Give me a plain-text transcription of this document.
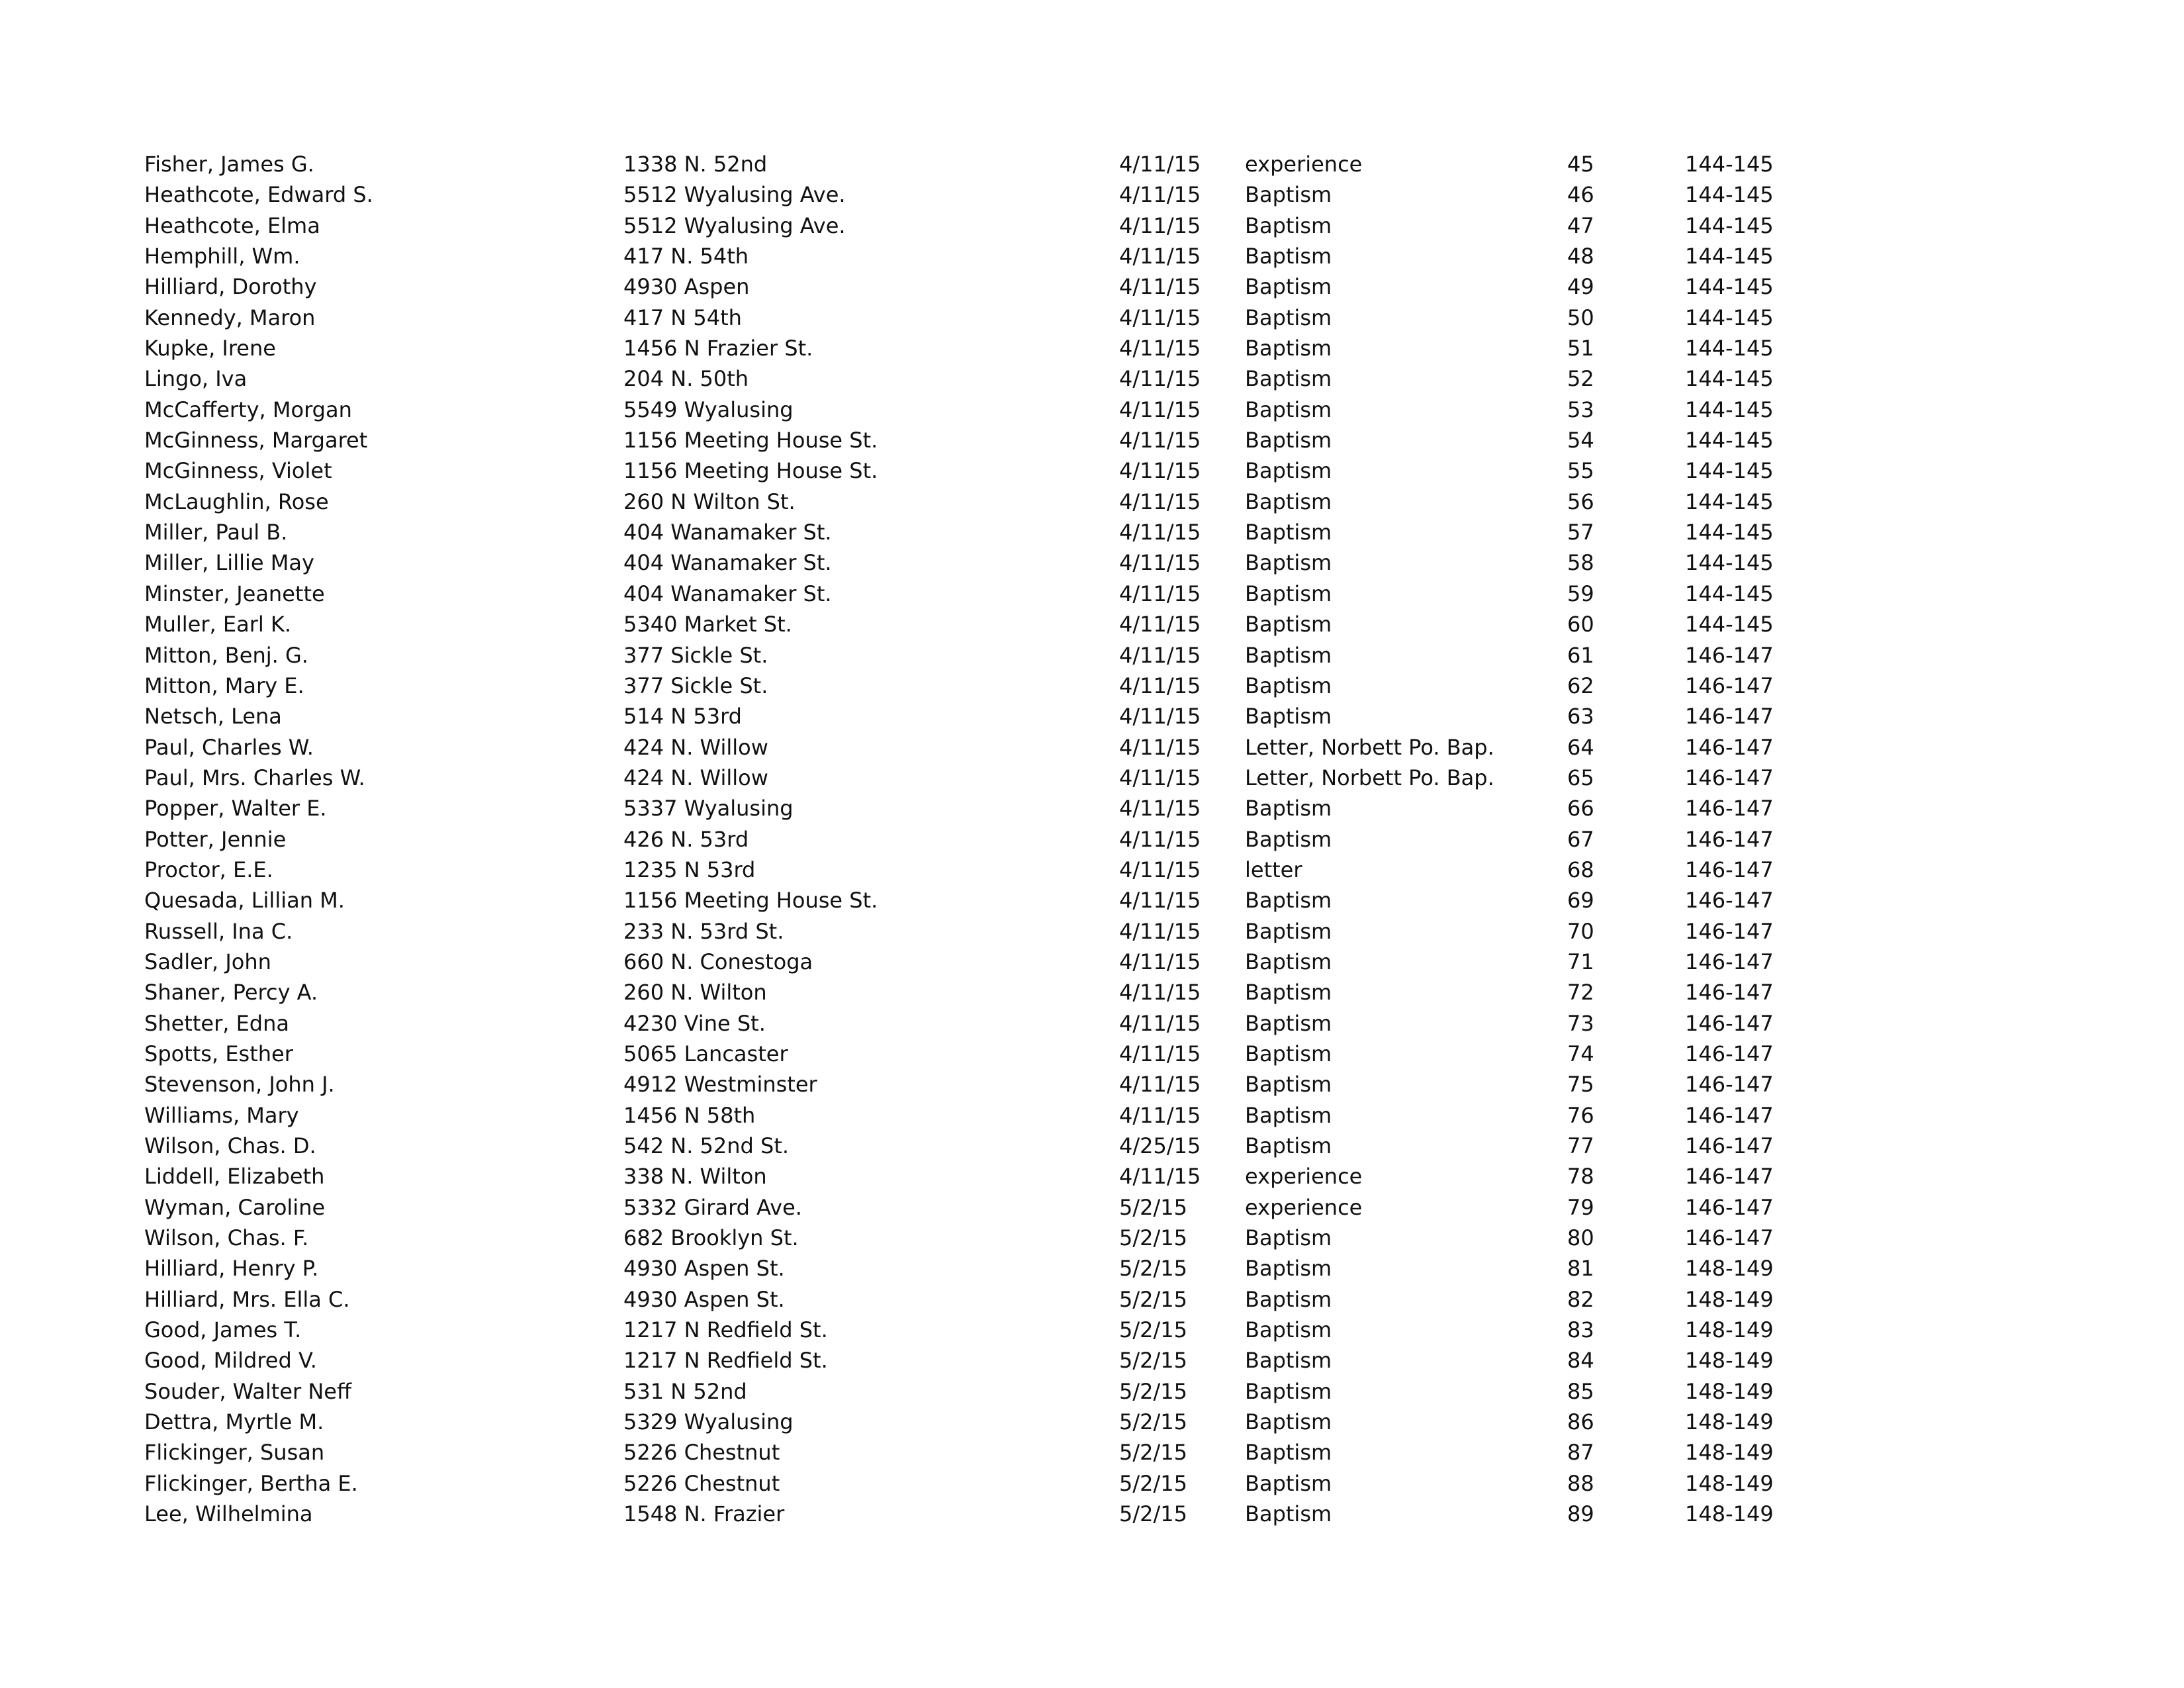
Fisher, James G.	1338 N. 52nd	4/11/15 experience	45	144-145
Heathcote, Edward S.	5512 Wyalusing Ave.	4/11/15 Baptism	46	144-145
Heathcote, Elma	5512 Wyalusing Ave.	4/11/15 Baptism	47	144-145
Hemphill, Wm.	417 N. 54th	4/11/15 Baptism	48	144-145
Hilliard, Dorothy	4930 Aspen	4/11/15 Baptism	49	144-145
Kennedy, Maron	417 N 54th	4/11/15 Baptism	50	144-145
Kupke, Irene	1456 N Frazier St.	4/11/15 Baptism	51	144-145
Lingo, Iva	204 N. 50th	4/11/15 Baptism	52	144-145
McCafferty, Morgan	5549 Wyalusing	4/11/15 Baptism	53	144-145
McGinness, Margaret	1156 Meeting House St.	4/11/15 Baptism	54	144-145
McGinness, Violet	1156 Meeting House St.	4/11/15 Baptism	55	144-145
McLaughlin, Rose	260 N Wilton St.	4/11/15 Baptism	56	144-145
Miller, Paul B.	404 Wanamaker St.	4/11/15 Baptism	57	144-145
Miller, Lillie May	404 Wanamaker St.	4/11/15 Baptism	58	144-145
Minster, Jeanette	404 Wanamaker St.	4/11/15 Baptism	59	144-145
Muller, Earl K.	5340 Market St.	4/11/15 Baptism	60	144-145
Mitton, Benj. G.	377 Sickle St.	4/11/15 Baptism	61	146-147
Mitton, Mary E.	377 Sickle St.	4/11/15 Baptism	62	146-147
Netsch, Lena	514 N 53rd	4/11/15 Baptism	63	146-147
Paul, Charles W.	424 N. Willow	4/11/15 Letter, Norbett Po. Bap.	64	146-147
Paul, Mrs. Charles W.	424 N. Willow	4/11/15 Letter, Norbett Po. Bap.	65	146-147
Popper, Walter E.	5337 Wyalusing	4/11/15 Baptism	66	146-147
Potter, Jennie	426 N. 53rd	4/11/15 Baptism	67	146-147
Proctor, E.E.	1235 N 53rd	4/11/15 letter	68	146-147
Quesada, Lillian M.	1156 Meeting House St.	4/11/15 Baptism	69	146-147
Russell, Ina C.	233 N. 53rd St.	4/11/15 Baptism	70	146-147
Sadler, John	660 N. Conestoga	4/11/15 Baptism	71	146-147
Shaner, Percy A.	260 N. Wilton	4/11/15 Baptism	72	146-147
Shetter, Edna	4230 Vine St.	4/11/15 Baptism	73	146-147
Spotts, Esther	5065 Lancaster	4/11/15 Baptism	74	146-147
Stevenson, John J.	4912 Westminster	4/11/15 Baptism	75	146-147
Williams, Mary	1456 N 58th	4/11/15 Baptism	76	146-147
Wilson, Chas. D.	542 N. 52nd St.	4/25/15 Baptism	77	146-147
Liddell, Elizabeth	338 N. Wilton	4/11/15 experience	78	146-147
Wyman, Caroline	5332 Girard Ave.	5/2/15	experience	79	146-147
Wilson, Chas. F.	682 Brooklyn St.	5/2/15	Baptism	80	146-147
Hilliard, Henry P.	4930 Aspen St.	5/2/15	Baptism	81	148-149
Hilliard, Mrs. Ella C.	4930 Aspen St.	5/2/15	Baptism	82	148-149
Good, James T.	1217 N Redfield St.	5/2/15	Baptism	83	148-149
Good, Mildred V.	1217 N Redfield St.	5/2/15	Baptism	84	148-149
Souder, Walter Neff	531 N 52nd	5/2/15	Baptism	85	148-149
Dettra, Myrtle M.	5329 Wyalusing	5/2/15	Baptism	86	148-149
Flickinger, Susan	5226 Chestnut	5/2/15	Baptism	87	148-149
Flickinger, Bertha E.	5226 Chestnut	5/2/15	Baptism	88	148-149
Lee, Wilhelmina	1548 N. Frazier	5/2/15	Baptism	89	148-149
